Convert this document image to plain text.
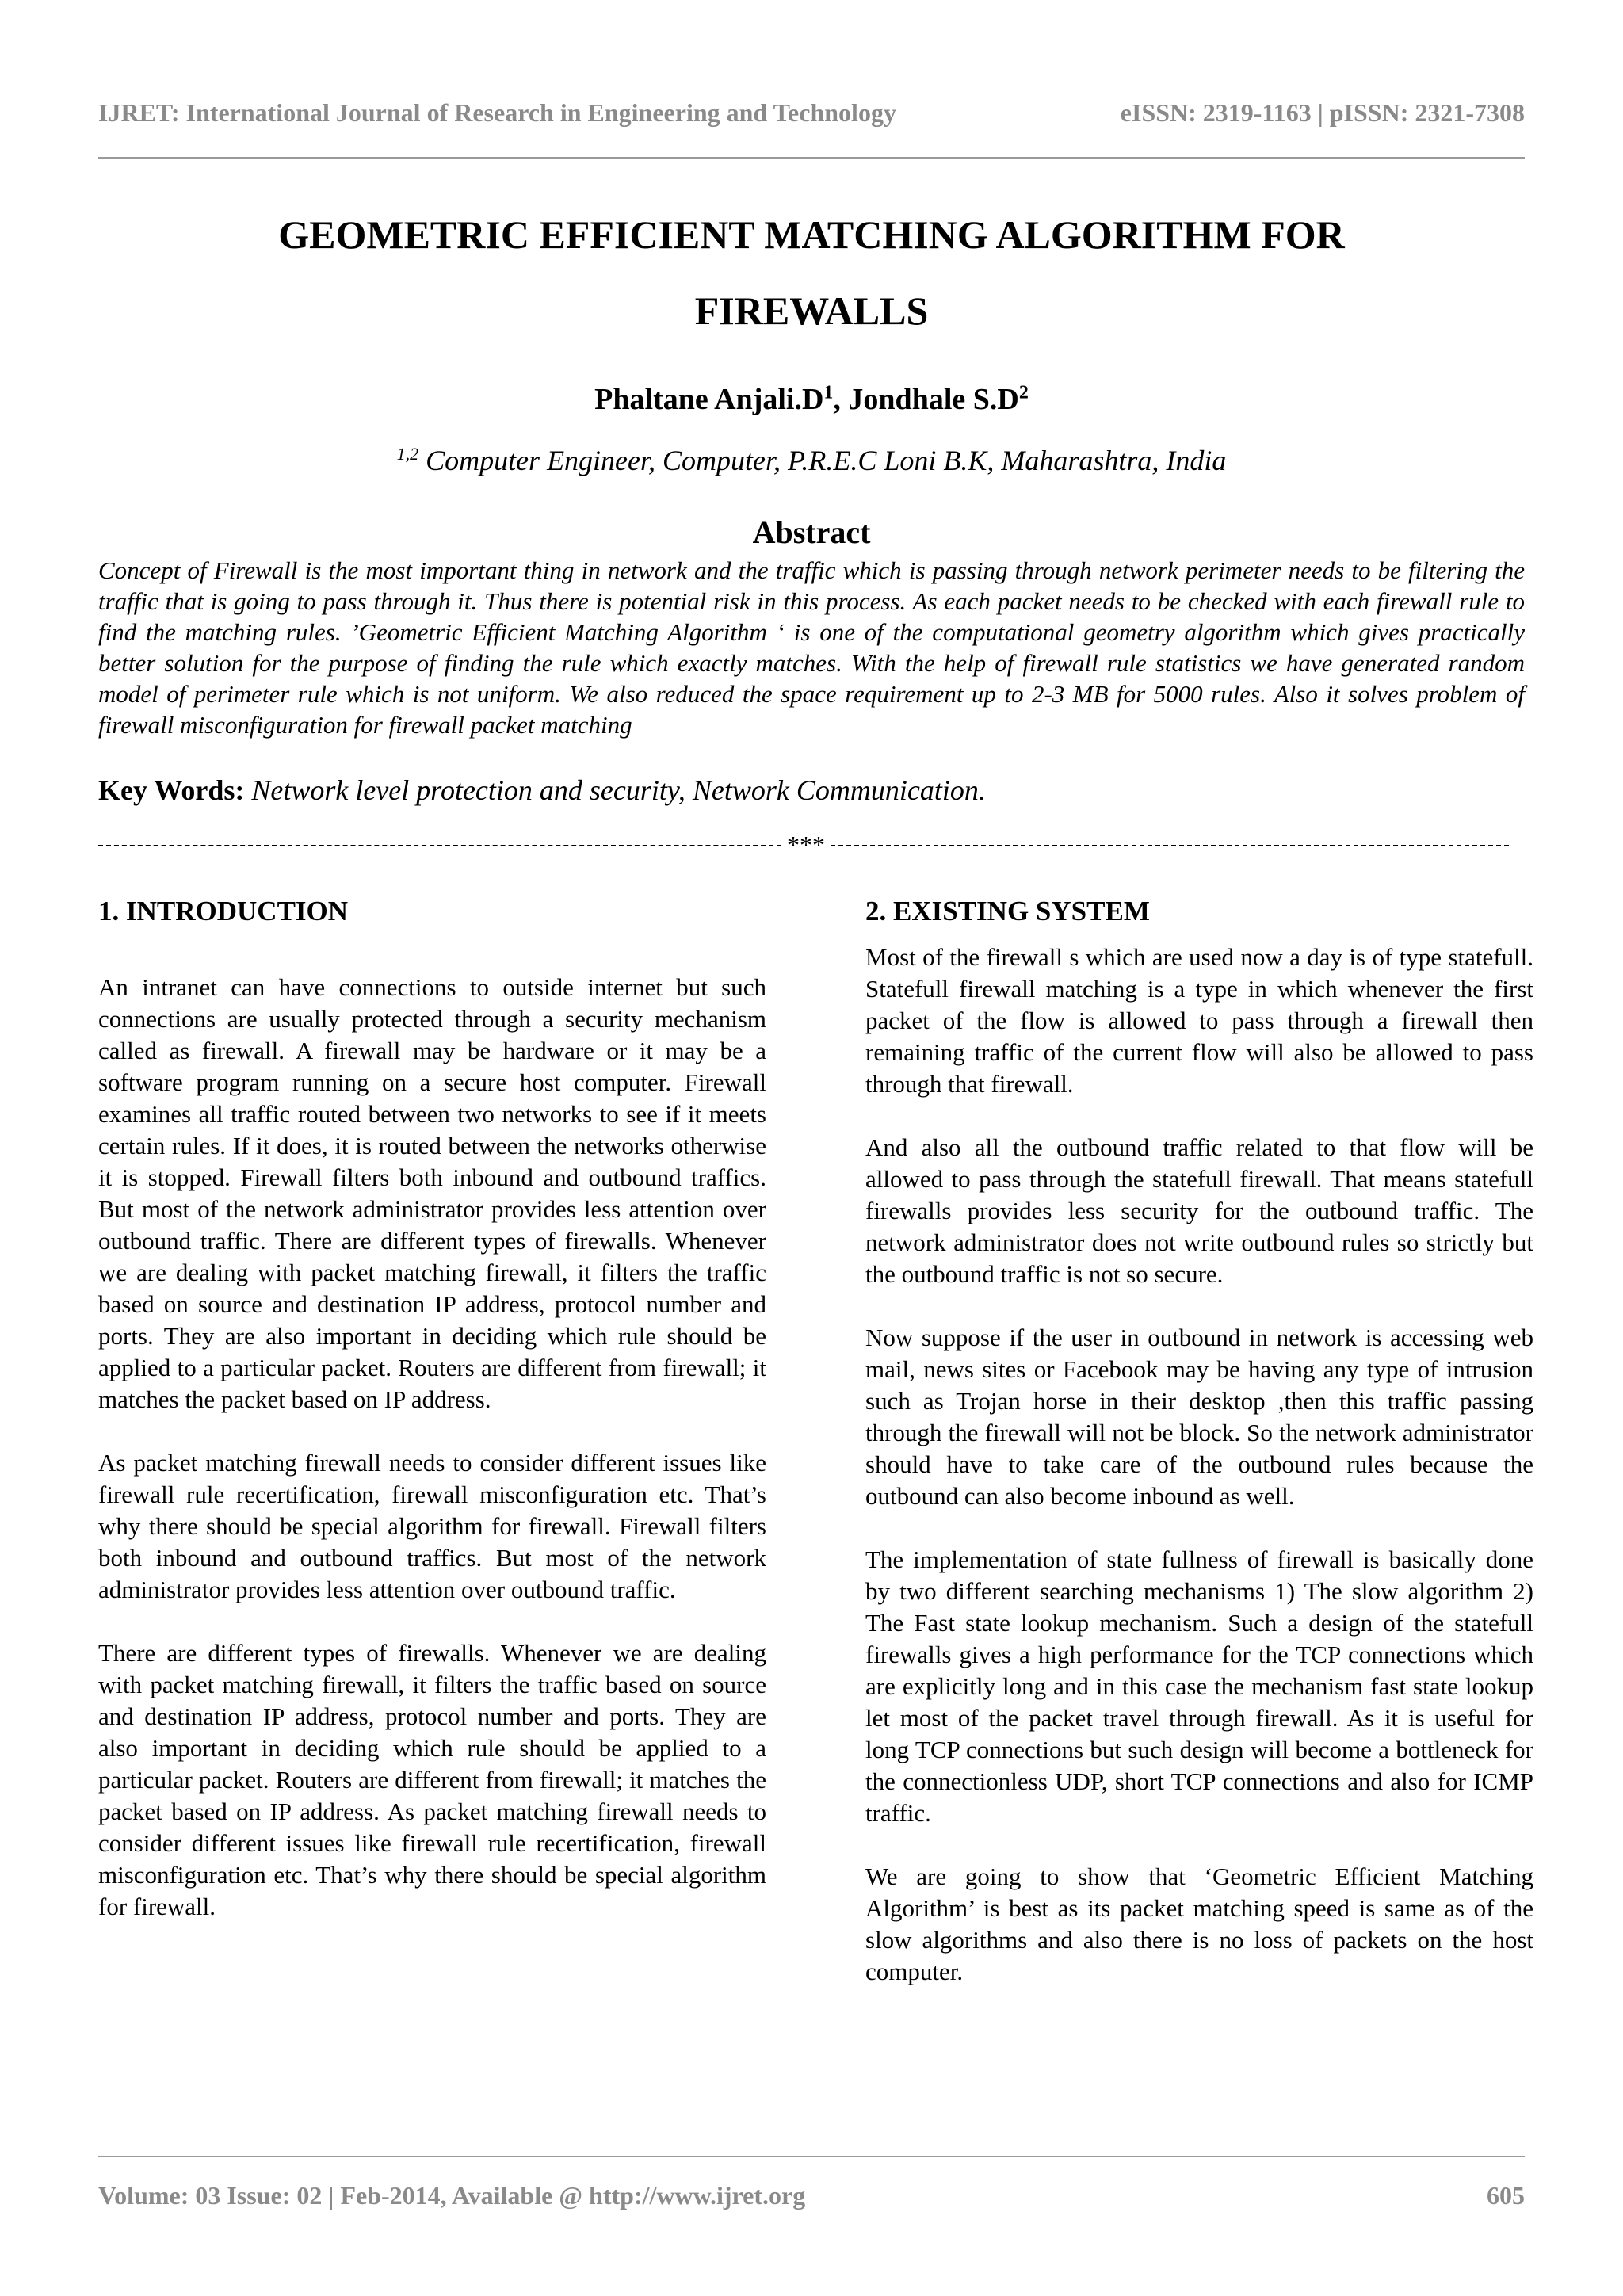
IJRET: International Journal of Research in Engineering and Technology	eISSN: 2319-1163 | pISSN: 2321-7308
GEOMETRIC EFFICIENT MATCHING ALGORITHM FOR
FIREWALLS
Phaltane $Anjali.D^1$, Jondhale $S.D^2$
$^{1,2}$ Computer Engineer, Computer, P.R.E.C Loni B.K, Maharashtra, India
Abstract
Concept of Firewall is the most important thing in network and the traffic which is passing through network perimeter needs to be filtering the traffic that is going to pass through it. Thus there is potential risk in this process. As each packet needs to be checked with each firewall rule to find the matching rules. ’Geometric Efficient Matching Algorithm ‘ is one of the computational geometry algorithm which gives practically better solution for the purpose of finding the rule which exactly matches. With the help of firewall rule statistics we have generated random model of perimeter rule which is not uniform. We also reduced the space requirement up to 2-3 MB for 5000 rules. Also it solves problem of firewall misconfiguration for firewall packet matching
Key Words: Network level protection and security, Network Communication.
***
1. INTRODUCTION

An intranet can have connections to outside internet but such connections are usually protected through a security mechanism called as firewall. A firewall may be hardware or it may be a software program running on a secure host computer. Firewall examines all traffic routed between two networks to see if it meets certain rules. If it does, it is routed between the networks otherwise it is stopped. Firewall filters both inbound and outbound traffics. But most of the network administrator provides less attention over outbound traffic. There are different types of firewalls. Whenever we are dealing with packet matching firewall, it filters the traffic based on source and destination IP address, protocol number and ports. They are also important in deciding which rule should be applied to a particular packet. Routers are different from firewall; it matches the packet based on IP address.

As packet matching firewall needs to consider different issues like firewall rule recertification, firewall misconfiguration etc. That’s why there should be special algorithm for firewall. Firewall filters both inbound and outbound traffics. But most of the network administrator provides less attention over outbound traffic.

There are different types of firewalls. Whenever we are dealing with packet matching firewall, it filters the traffic based on source and destination IP address, protocol number and ports. They are also important in deciding which rule should be applied to a particular packet. Routers are different from firewall; it matches the packet based on IP address. As packet matching firewall needs to consider different issues like firewall rule recertification, firewall misconfiguration etc. That’s why there should be special algorithm for firewall.

2. EXISTING SYSTEM

Most of the firewall s which are used now a day is of type statefull. Statefull firewall matching is a type in which whenever the first packet of the flow is allowed to pass through a firewall then remaining traffic of the current flow will also be allowed to pass through that firewall.

And also all the outbound traffic related to that flow will be allowed to pass through the statefull firewall. That means statefull firewalls provides less security for the outbound traffic. The network administrator does not write outbound rules so strictly but the outbound traffic is not so secure.

Now suppose if the user in outbound in network is accessing web mail, news sites or Facebook may be having any type of intrusion such as Trojan horse in their desktop ,then this traffic passing through the firewall will not be block. So the network administrator should have to take care of the outbound rules because the outbound can also become inbound as well.

The implementation of state fullness of firewall is basically done by two different searching mechanisms 1) The slow algorithm 2) The Fast state lookup mechanism. Such a design of the statefull firewalls gives a high performance for the TCP connections which are explicitly long and in this case the mechanism fast state lookup let most of the packet travel through firewall. As it is useful for long TCP connections but such design will become a bottleneck for the connectionless UDP, short TCP connections and also for ICMP traffic.

We are going to show that ‘Geometric Efficient Matching Algorithm’ is best as its packet matching speed is same as of the slow algorithms and also there is no loss of packets on the host computer.

Volume: 03 Issue: 02 | Feb-2014, Available @ http://www.ijret.org	605
